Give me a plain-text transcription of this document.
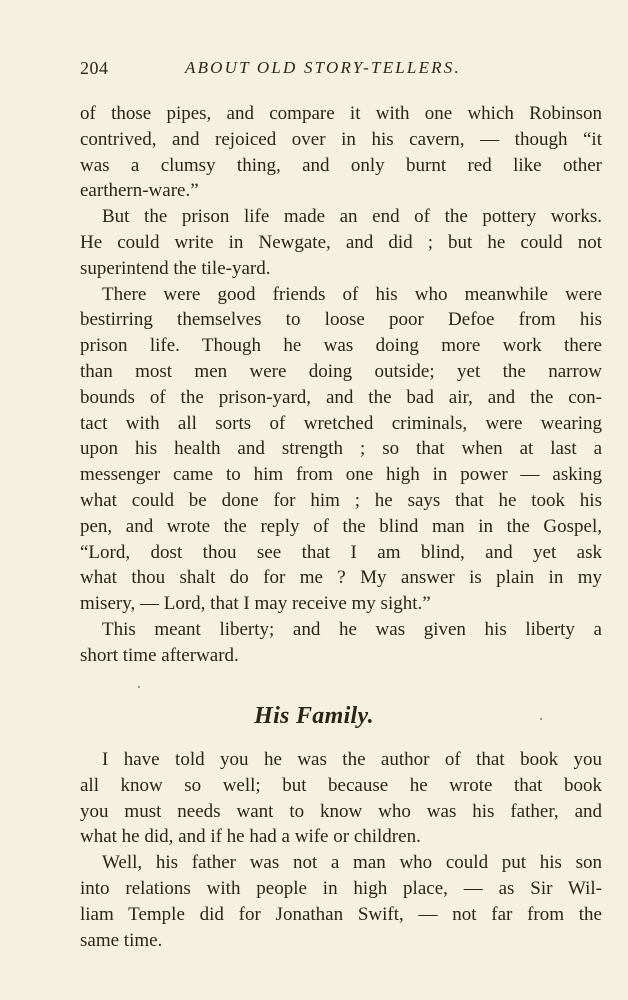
204	ABOUT OLD STORY-TELLERS.
of those pipes, and compare it with one which Robinson
contrived, and rejoiced over in his cavern, — though “it
was a clumsy thing, and only burnt red like other
earthern-ware.”
But the prison life made an end of the pottery works.
He could write in Newgate, and did ; but he could not
superintend the tile-yard.
There were good friends of his who meanwhile were
bestirring themselves to loose poor Defoe from his
prison life. Though he was doing more work there
than most men were doing outside; yet the narrow
bounds of the prison-yard, and the bad air, and the con-
tact with all sorts of wretched criminals, were wearing
upon his health and strength ; so that when at last a
messenger came to him from one high in power — asking
what could be done for him ; he says that he took his
pen, and wrote the reply of the blind man in the Gospel,
“Lord, dost thou see that I am blind, and yet ask
what thou shalt do for me ? My answer is plain in my
misery, — Lord, that I may receive my sight.”
This meant liberty; and he was given his liberty a
short time afterward.
His Family.
I have told you he was the author of that book you
all know so well; but because he wrote that book
you must needs want to know who was his father, and
what he did, and if he had a wife or children.
Well, his father was not a man who could put his son
into relations with people in high place, — as Sir Wil-
liam Temple did for Jonathan Swift, — not far from the
same time.
